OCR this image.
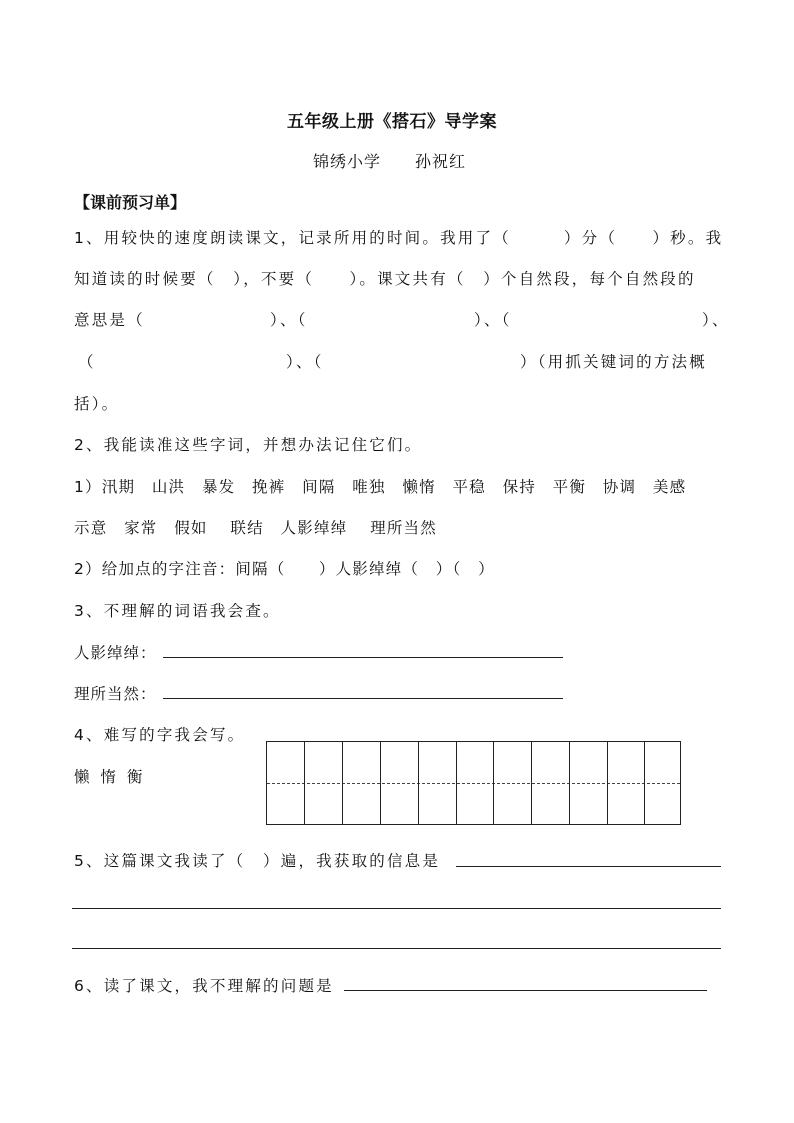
五年级上册《搭石》导学案
锦绣小学　　孙祝红
【课前预习单】
1、用较快的速度朗读课文，记录所用的时间。我用了（　　　）分（　　）秒。我
知道读的时候要（　），不要（　　）。课文共有（　）个自然段，每个自然段的
意思是（	）、（	）、（	）、
（	）、（	）（用抓关键词的方法概
括）。
2、我能读准这些字词，并想办法记住它们。
1）汛期　山洪　暴发　挽裤　间隔　唯独　懒惰　平稳　保持　平衡　协调　美感
示意　家常　假如　 联结　人影绰绰　 理所当然
2）给加点的字注音：间隔（　　）人影绰绰（　）（　）
3、不理解的词语我会查。
人影绰绰：
理所当然：
4、难写的字我会写。
懒 惰 衡
5、这篇课文我读了（　）遍，我获取的信息是
6、读了课文，我不理解的问题是
